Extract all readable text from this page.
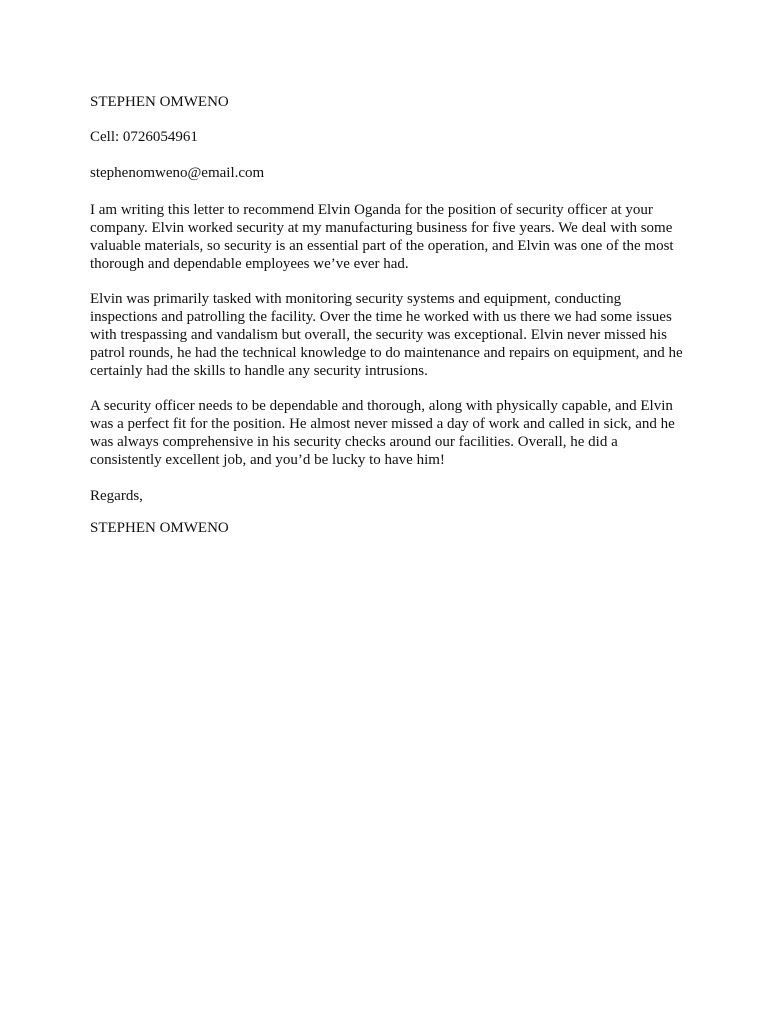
STEPHEN OMWENO

Cell: 0726054961

stephenomweno@email.com

I am writing this letter to recommend Elvin Oganda for the position of security officer at your company. Elvin worked security at my manufacturing business for five years. We deal with some valuable materials, so security is an essential part of the operation, and Elvin was one of the most thorough and dependable employees we’ve ever had.

Elvin was primarily tasked with monitoring security systems and equipment, conducting inspections and patrolling the facility. Over the time he worked with us there we had some issues with trespassing and vandalism but overall, the security was exceptional. Elvin never missed his patrol rounds, he had the technical knowledge to do maintenance and repairs on equipment, and he certainly had the skills to handle any security intrusions.

A security officer needs to be dependable and thorough, along with physically capable, and Elvin was a perfect fit for the position. He almost never missed a day of work and called in sick, and he was always comprehensive in his security checks around our facilities. Overall, he did a consistently excellent job, and you’d be lucky to have him!

Regards,

STEPHEN OMWENO
